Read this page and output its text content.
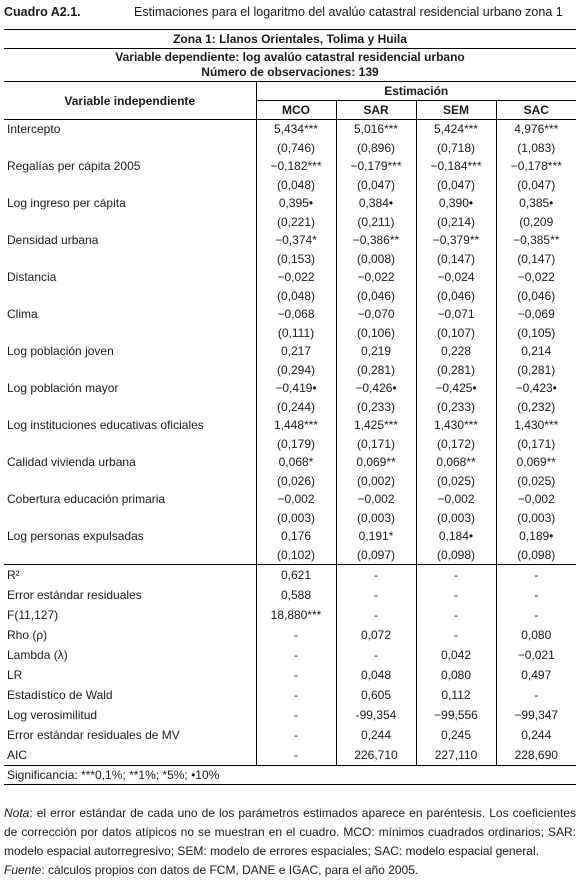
Cuadro A2.1.	Estimaciones para el logaritmo del avalúo catastral residencial urbano zona 1
Zona 1: Llanos Orientales, Tolima y Huila				

Variable dependiente: log avalúo catastral residencial urbano
Número de observaciones: 139				

Variable independiente	Estimación			
	MCO	SAR	SEM	SAC
Intercepto	5,434***	5,016***	5,424***	4,976***
	(0,746)	(0,896)	(0,718)	(1,083)
Regalías per cápita 2005	−0,182***	−0,179***	−0,184***	−0,178***
	(0,048)	(0,047)	(0,047)	(0,047)
Log ingreso per cápita	0,395•	0,384•	0,390•	0,385•
	(0,221)	(0,211)	(0,214)	(0,209
Densidad urbana	−0,374*	−0,386**	−0,379**	−0,385**
	(0,153)	(0,008)	(0,147)	(0,147)
Distancia	−0,022	−0,022	−0,024	−0,022
	(0,048)	(0,046)	(0,046)	(0,046)
Clima	−0,068	−0,070	−0,071	−0,069
	(0,111)	(0,106)	(0,107)	(0,105)
Log población joven	0,217	0,219	0,228	0,214
	(0,294)	(0,281)	(0,281)	(0,281)
Log población mayor	−0,419•	−0,426•	−0,425•	−0,423•
	(0,244)	(0,233)	(0,233)	(0,232)
Log instituciones educativas oficiales	1,448***	1,425***	1,430***	1,430***
	(0,179)	(0,171)	(0,172)	(0,171)
Calidad vivienda urbana	0,068*	0,069**	0,068**	0,069**
	(0,026)	(0,002)	(0,025)	(0,025)
Cobertura educación primaria	−0,002	−0,002	−0,002	−0,002
	(0,003)	(0,003)	(0,003)	(0,003)
Log personas expulsadas	0,176	0,191*	0,184•	0,189•
	(0,102)	(0,097)	(0,098)	(0,098)
R²	0,621	-	-	-
Error estándar residuales	0,588	-	-	-
F(11,127)	18,880***	-	-	-
Rho (ρ)	-	0,072	-	0,080
Lambda (λ)	-	-	0,042	−0,021
LR	-	0,048	0,080	0,497
Estadístico de Wald	-	0,605	0,112	-
Log verosimilitud	-	-99,354	−99,556	−99,347
Error estándar residuales de MV	-	0,244	0,245	0,244
AIC	-	226,710	227,110	228,690
Significancia: ***0,1%; **1%; *5%; •10%				
Nota: el error estándar de cada uno de los parámetros estimados aparece en paréntesis. Los coeficientes de corrección por datos atípicos no se muestran en el cuadro. MCO: mínimos cuadrados ordinarios; SAR: modelo espacial autorregresivo; SEM: modelo de errores espaciales; SAC: modelo espacial general.
Fuente: cálculos propios con datos de FCM, DANE e IGAC, para el año 2005.
